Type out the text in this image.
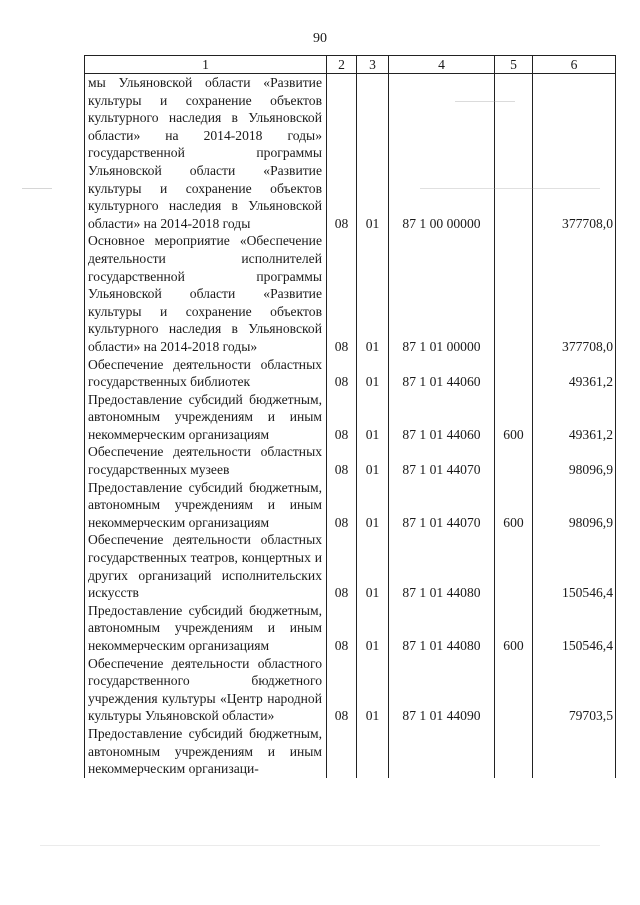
90
1	2	3	4	5	6
мы Ульяновской области «Развитие культуры и сохранение объектов культурного наследия в Ульяновской области» на 2014-2018 годы» государственной программы Ульяновской области «Развитие культуры и сохранение объектов культурного наследия в Ульяновской области» на 2014-2018 годы	08	01	87 1 00 00000		377708,0
Основное мероприятие «Обеспечение деятельности исполнителей государственной программы Ульяновской области «Развитие культуры и сохранение объектов культурного наследия в Ульяновской области» на 2014-2018 годы»	08	01	87 1 01 00000		377708,0
Обеспечение деятельности областных государственных библиотек	08	01	87 1 01 44060		49361,2
Предоставление субсидий бюджетным, автономным учреждениям и иным некоммерческим организациям	08	01	87 1 01 44060	600	49361,2
Обеспечение деятельности областных государственных музеев	08	01	87 1 01 44070		98096,9
Предоставление субсидий бюджетным, автономным учреждениям и иным некоммерческим организациям	08	01	87 1 01 44070	600	98096,9
Обеспечение деятельности областных государственных театров, концертных и других организаций исполнительских искусств	08	01	87 1 01 44080		150546,4
Предоставление субсидий бюджетным, автономным учреждениям и иным некоммерческим организациям	08	01	87 1 01 44080	600	150546,4
Обеспечение деятельности областного государственного бюджетного учреждения культуры «Центр народной культуры Ульяновской области»	08	01	87 1 01 44090		79703,5
Предоставление субсидий бюджетным, автономным учреждениям и иным некоммерческим организаци-					
